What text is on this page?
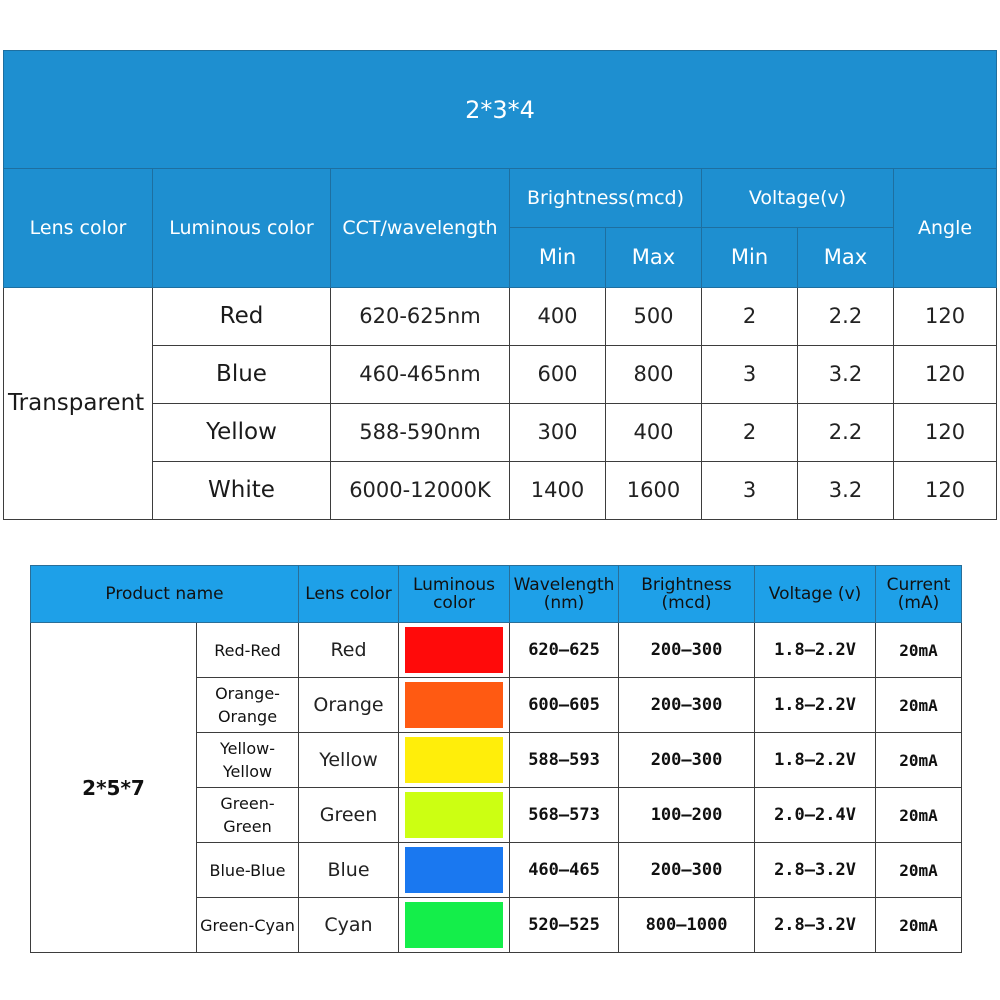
2*3*4							
Lens color	Luminous color	CCT/wavelength	Brightness(mcd)		Voltage(v)		Angle
			Min	Max	Min	Max	
Transparent	Red	620-625nm	400	500	2	2.2	120
	Blue	460-465nm	600	800	3	3.2	120
	Yellow	588-590nm	300	400	2	2.2	120
	White	6000-12000K	1400	1600	3	3.2	120
Product name		Lens color	Luminous color	Wavelength (nm)	Brightness (mcd)	Voltage (v)	Current (mA)
2*5*7	Red-Red	Red		620–625	200–300	1.8–2.2V	20mA
	Orange-Orange	Orange		600–605	200–300	1.8–2.2V	20mA
	Yellow-Yellow	Yellow		588–593	200–300	1.8–2.2V	20mA
	Green-Green	Green		568–573	100–200	2.0–2.4V	20mA
	Blue-Blue	Blue		460–465	200–300	2.8–3.2V	20mA
	Green-Cyan	Cyan		520–525	800–1000	2.8–3.2V	20mA
